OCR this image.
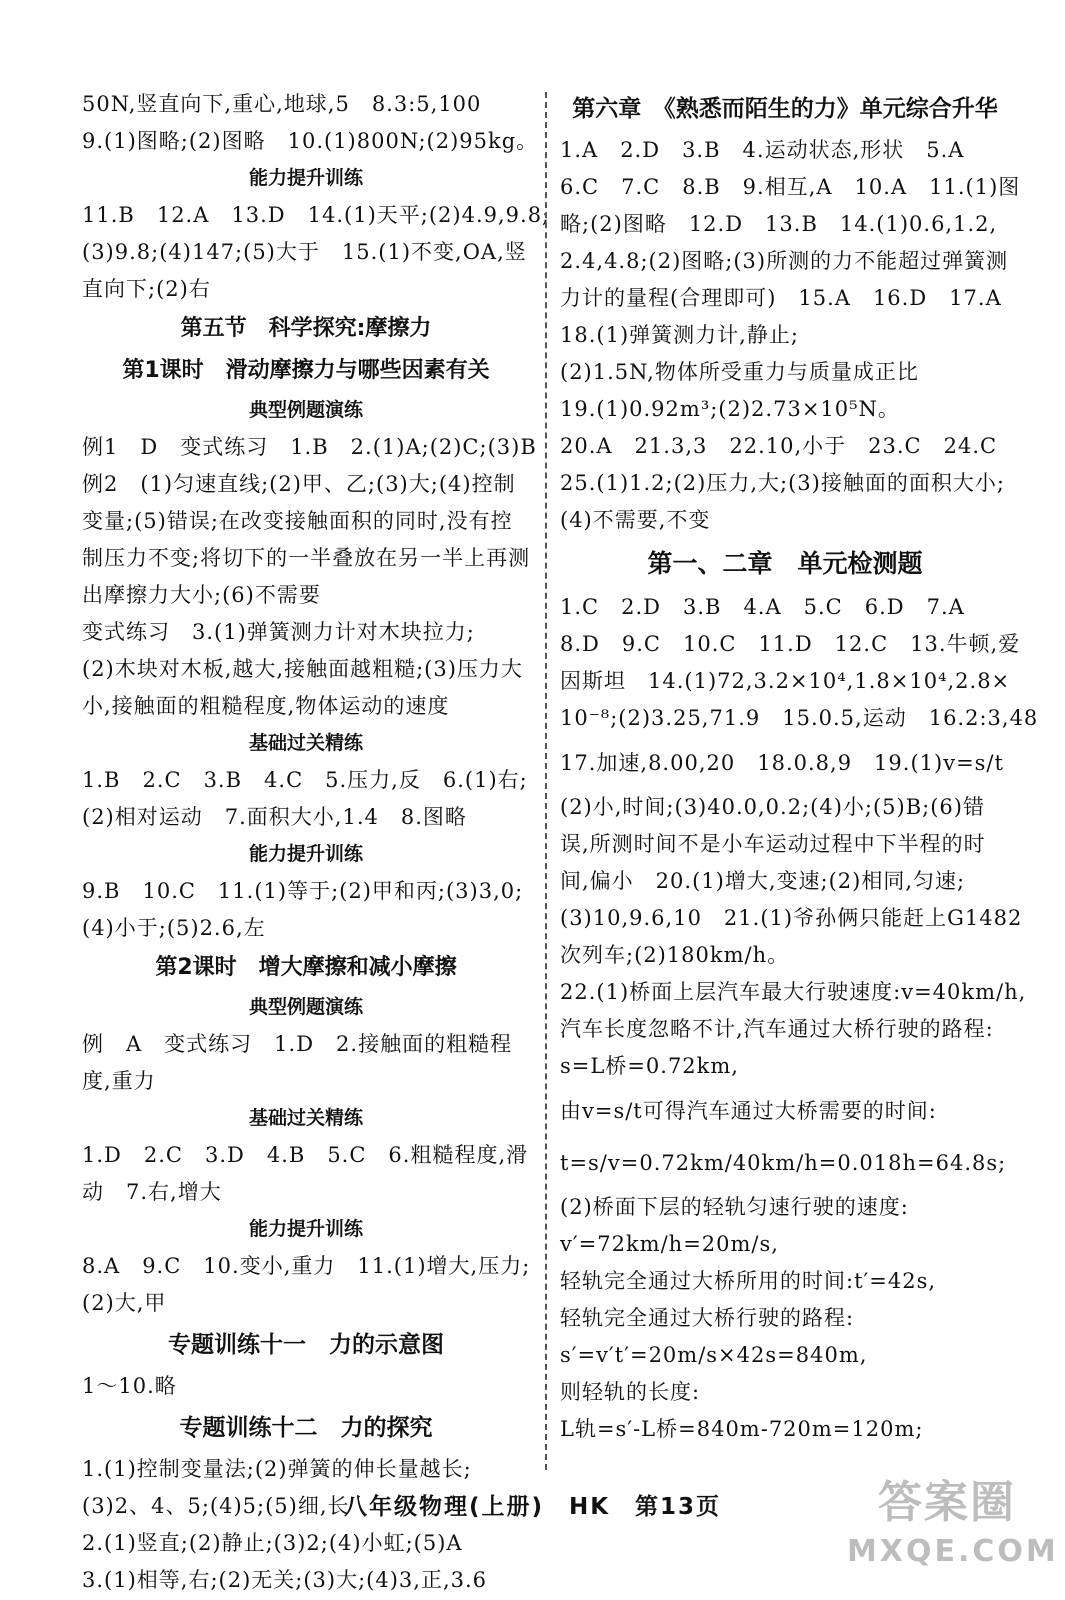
50N,竖直向下,重心,地球,5　8.3:5,100
9.(1)图略;(2)图略　10.(1)800N;(2)95kg。
能力提升训练
11.B　12.A　13.D　14.(1)天平;(2)4.9,9.8;
(3)9.8;(4)147;(5)大于　15.(1)不变,OA,竖
直向下;(2)右
第五节　科学探究:摩擦力
第1课时　滑动摩擦力与哪些因素有关
典型例题演练
例1　D　变式练习　1.B　2.(1)A;(2)C;(3)B
例2　(1)匀速直线;(2)甲、乙;(3)大;(4)控制
变量;(5)错误;在改变接触面积的同时,没有控
制压力不变;将切下的一半叠放在另一半上再测
出摩擦力大小;(6)不需要
变式练习　3.(1)弹簧测力计对木块拉力;
(2)木块对木板,越大,接触面越粗糙;(3)压力大
小,接触面的粗糙程度,物体运动的速度
基础过关精练
1.B　2.C　3.B　4.C　5.压力,反　6.(1)右;
(2)相对运动　7.面积大小,1.4　8.图略
能力提升训练
9.B　10.C　11.(1)等于;(2)甲和丙;(3)3,0;
(4)小于;(5)2.6,左
第2课时　增大摩擦和减小摩擦
典型例题演练
例　A　变式练习　1.D　2.接触面的粗糙程
度,重力
基础过关精练
1.D　2.C　3.D　4.B　5.C　6.粗糙程度,滑
动　7.右,增大
能力提升训练
8.A　9.C　10.变小,重力　11.(1)增大,压力;
(2)大,甲
专题训练十一　力的示意图
1～10.略
专题训练十二　力的探究
1.(1)控制变量法;(2)弹簧的伸长量越长;
(3)2、4、5;(4)5;(5)细,长
2.(1)竖直;(2)静止;(3)2;(4)小虹;(5)A
3.(1)相等,右;(2)无关;(3)大;(4)3,正,3.6
第六章　《熟悉而陌生的力》单元综合升华
1.A　2.D　3.B　4.运动状态,形状　5.A
6.C　7.C　8.B　9.相互,A　10.A　11.(1)图
略;(2)图略　12.D　13.B　14.(1)0.6,1.2,
2.4,4.8;(2)图略;(3)所测的力不能超过弹簧测
力计的量程(合理即可)　15.A　16.D　17.A
18.(1)弹簧测力计,静止;
(2)1.5N,物体所受重力与质量成正比
19.(1)0.92m³;(2)2.73×10⁵N。
20.A　21.3,3　22.10,小于　23.C　24.C
25.(1)1.2;(2)压力,大;(3)接触面的面积大小;
(4)不需要,不变
第一、二章　单元检测题
1.C　2.D　3.B　4.A　5.C　6.D　7.A
8.D　9.C　10.C　11.D　12.C　13.牛顿,爱
因斯坦　14.(1)72,3.2×10⁴,1.8×10⁴,2.8×
10⁻⁸;(2)3.25,71.9　15.0.5,运动　16.2:3,48
17.加速,8.00,20　18.0.8,9　19.(1)v=s/t
(2)小,时间;(3)40.0,0.2;(4)小;(5)B;(6)错
误,所测时间不是小车运动过程中下半程的时
间,偏小　20.(1)增大,变速;(2)相同,匀速;
(3)10,9.6,10　21.(1)爷孙俩只能赶上G1482
次列车;(2)180km/h。
22.(1)桥面上层汽车最大行驶速度:v=40km/h,
汽车长度忽略不计,汽车通过大桥行驶的路程:
s=L桥=0.72km,
由v=s/t可得汽车通过大桥需要的时间:
t=s/v=0.72km/40km/h=0.018h=64.8s;
(2)桥面下层的轻轨匀速行驶的速度:
v′=72km/h=20m/s,
轻轨完全通过大桥所用的时间:t′=42s,
轻轨完全通过大桥行驶的路程:
s′=v′t′=20m/s×42s=840m,
则轻轨的长度:
L轨=s′-L桥=840m-720m=120m;
八年级物理(上册)　HK　第13页	答案圈
MXQE.COM
